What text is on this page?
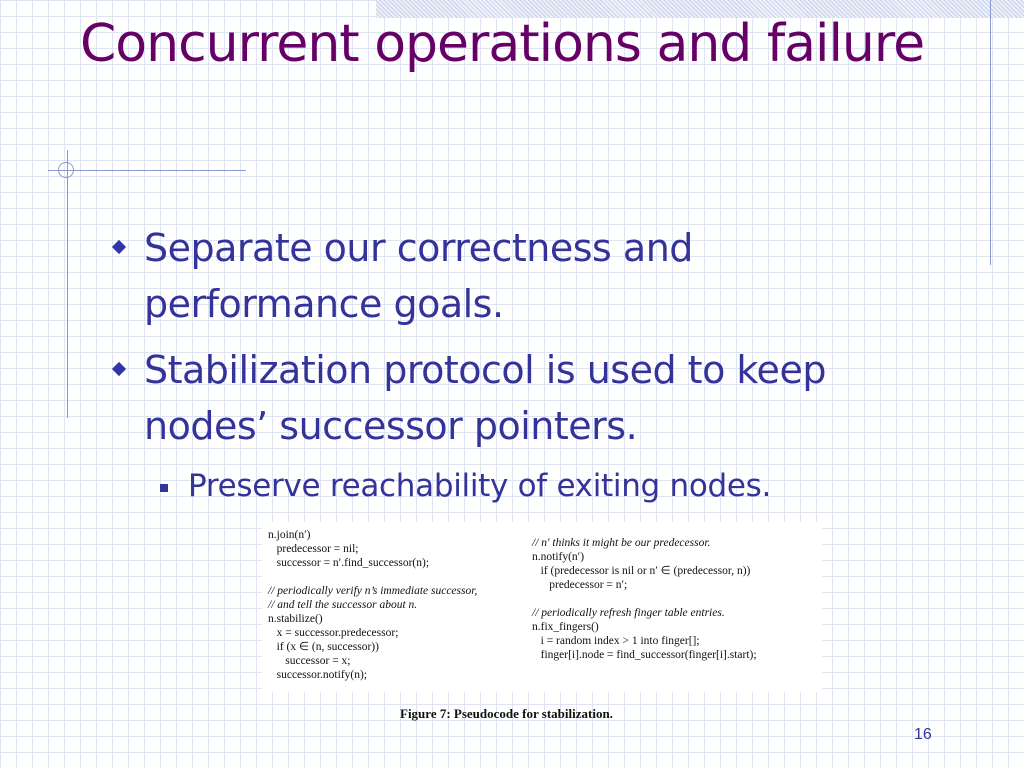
Concurrent operations and failure
Separate our correctness and performance goals.
Stabilization protocol is used to keep nodes’ successor pointers.
Preserve reachability of exiting nodes.
n.join(n′)
predecessor = nil;
successor = n′.find_successor(n);

// periodically verify n’s immediate successor,
// and tell the successor about n.
n.stabilize()
x = successor.predecessor;
if (x ∈ (n, successor))
successor = x;
successor.notify(n);
// n′ thinks it might be our predecessor.
n.notify(n′)
if (predecessor is nil or n′ ∈ (predecessor, n))
predecessor = n′;

// periodically refresh finger table entries.
n.fix_fingers()
i = random index > 1 into finger[];
finger[i].node = find_successor(finger[i].start);
Figure 7: Pseudocode for stabilization.
16
